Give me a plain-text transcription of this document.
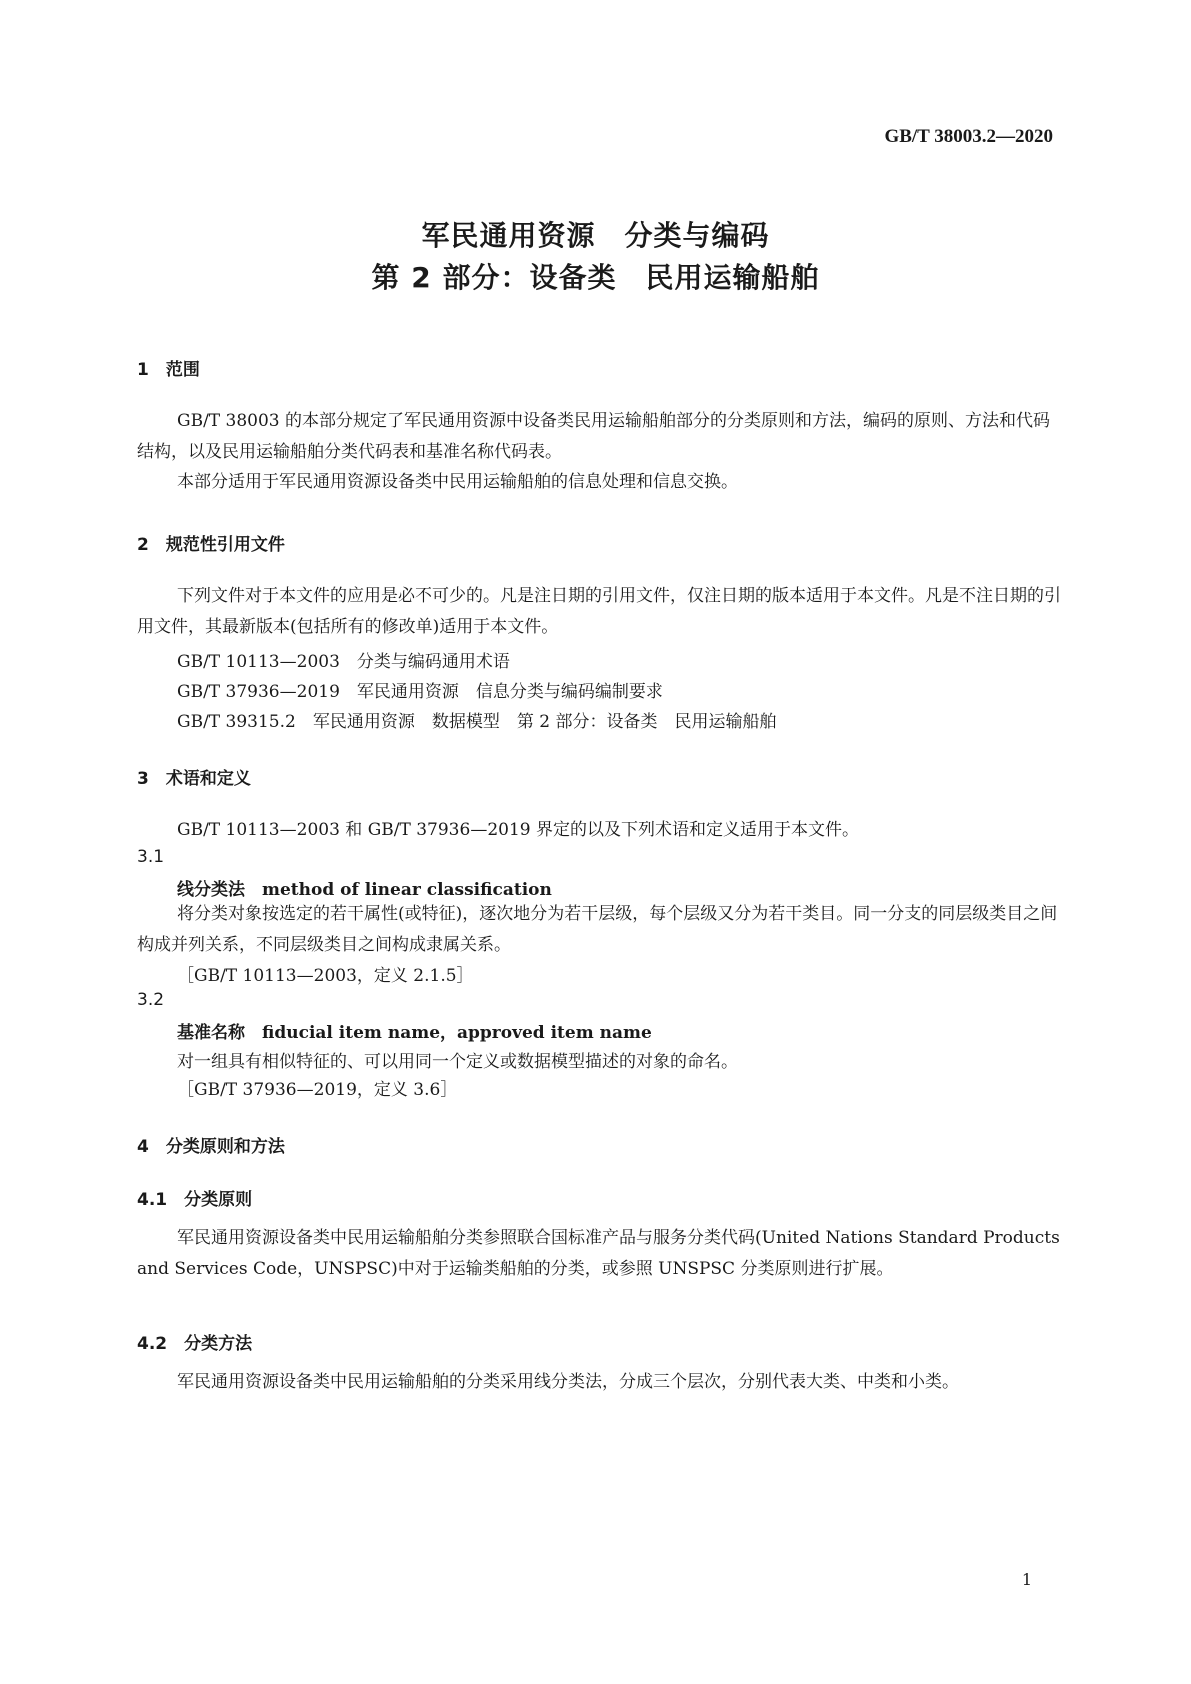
GB/T 38003.2—2020
军民通用资源　分类与编码
第 2 部分：设备类　民用运输船舶
1　范围
GB/T 38003 的本部分规定了军民通用资源中设备类民用运输船舶部分的分类原则和方法，编码的原则、方法和代码结构，以及民用运输船舶分类代码表和基准名称代码表。
本部分适用于军民通用资源设备类中民用运输船舶的信息处理和信息交换。
2　规范性引用文件
下列文件对于本文件的应用是必不可少的。凡是注日期的引用文件，仅注日期的版本适用于本文件。凡是不注日期的引用文件，其最新版本(包括所有的修改单)适用于本文件。
GB/T 10113—2003　分类与编码通用术语
GB/T 37936—2019　军民通用资源　信息分类与编码编制要求
GB/T 39315.2　军民通用资源　数据模型　第 2 部分：设备类　民用运输船舶
3　术语和定义
GB/T 10113—2003 和 GB/T 37936—2019 界定的以及下列术语和定义适用于本文件。
3.1
线分类法　method of linear classification
将分类对象按选定的若干属性(或特征)，逐次地分为若干层级，每个层级又分为若干类目。同一分支的同层级类目之间构成并列关系，不同层级类目之间构成隶属关系。
［GB/T 10113—2003，定义 2.1.5］
3.2
基准名称　fiducial item name，approved item name
对一组具有相似特征的、可以用同一个定义或数据模型描述的对象的命名。
［GB/T 37936—2019，定义 3.6］
4　分类原则和方法
4.1　分类原则
军民通用资源设备类中民用运输船舶分类参照联合国标准产品与服务分类代码(United Nations Standard Products and Services Code，UNSPSC)中对于运输类船舶的分类，或参照 UNSPSC 分类原则进行扩展。
4.2　分类方法
军民通用资源设备类中民用运输船舶的分类采用线分类法，分成三个层次，分别代表大类、中类和小类。
1
